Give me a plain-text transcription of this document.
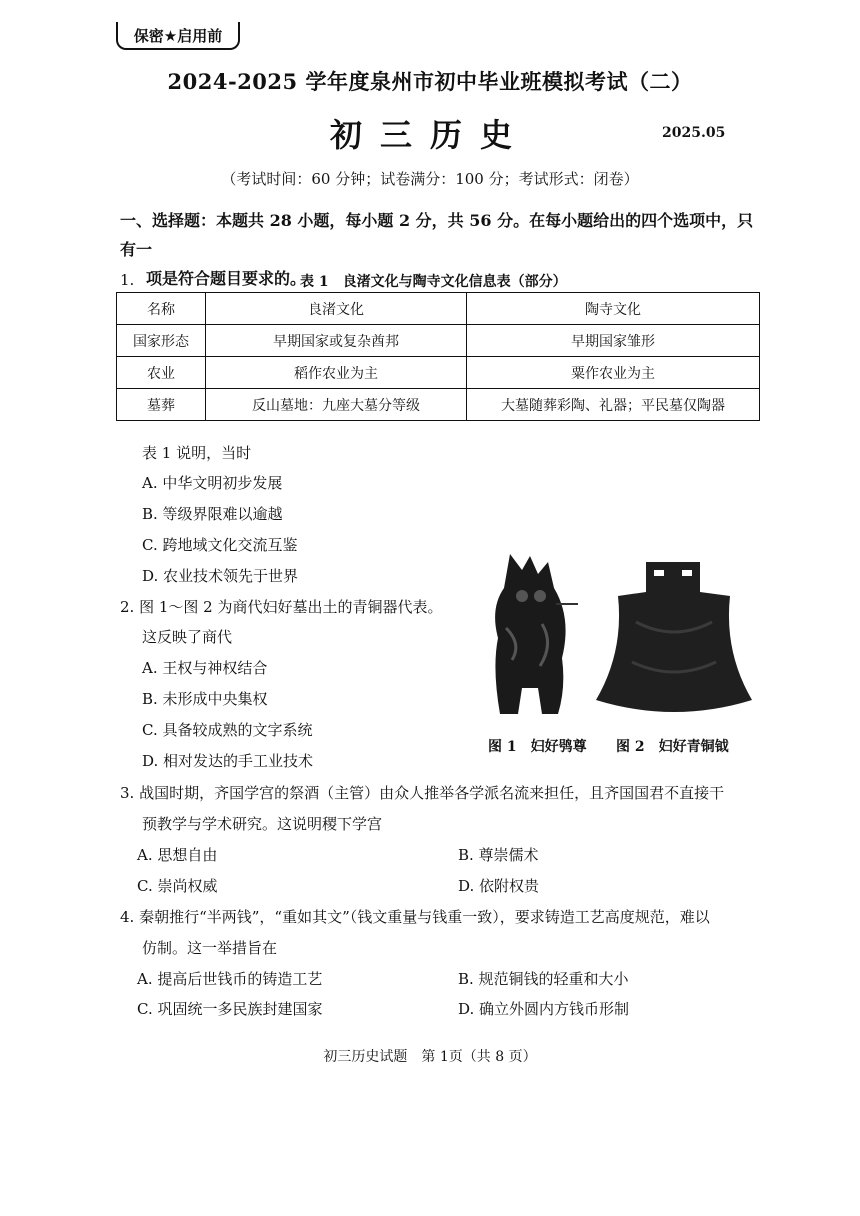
保密★启用前
2024-2025 学年度泉州市初中毕业班模拟考试（二）
初三历史	2025.05
（考试时间：60 分钟；试卷满分：100 分；考试形式：闭卷）
一、选择题：本题共 28 小题，每小题 2 分，共 56 分。在每小题给出的四个选项中，只有一
项是符合题目要求的。
1.	表 1　良渚文化与陶寺文化信息表（部分）
名称	良渚文化	陶寺文化
国家形态	早期国家或复杂酋邦	早期国家雏形
农业	稻作农业为主	粟作农业为主
墓葬	反山墓地：九座大墓分等级	大墓随葬彩陶、礼器；平民墓仅陶器
表 1 说明，当时
A. 中华文明初步发展
B. 等级界限难以逾越
C. 跨地域文化交流互鉴
D. 农业技术领先于世界
2. 图 1～图 2 为商代妇好墓出土的青铜器代表。
这反映了商代
A. 王权与神权结合
B. 未形成中央集权
C. 具备较成熟的文字系统
D. 相对发达的手工业技术
图 1　妇好鸮尊 图 2　妇好青铜钺
3. 战国时期，齐国学宫的祭酒（主管）由众人推举各学派名流来担任，且齐国国君不直接干
预教学与学术研究。这说明稷下学宫
A. 思想自由	B. 尊崇儒术
C. 崇尚权威	D. 依附权贵
4. 秦朝推行“半两钱”，“重如其文”（钱文重量与钱重一致），要求铸造工艺高度规范，难以
仿制。这一举措旨在
A. 提高后世钱币的铸造工艺	B. 规范铜钱的轻重和大小
C. 巩固统一多民族封建国家	D. 确立外圆内方钱币形制
初三历史试题　第 1页（共 8 页）
